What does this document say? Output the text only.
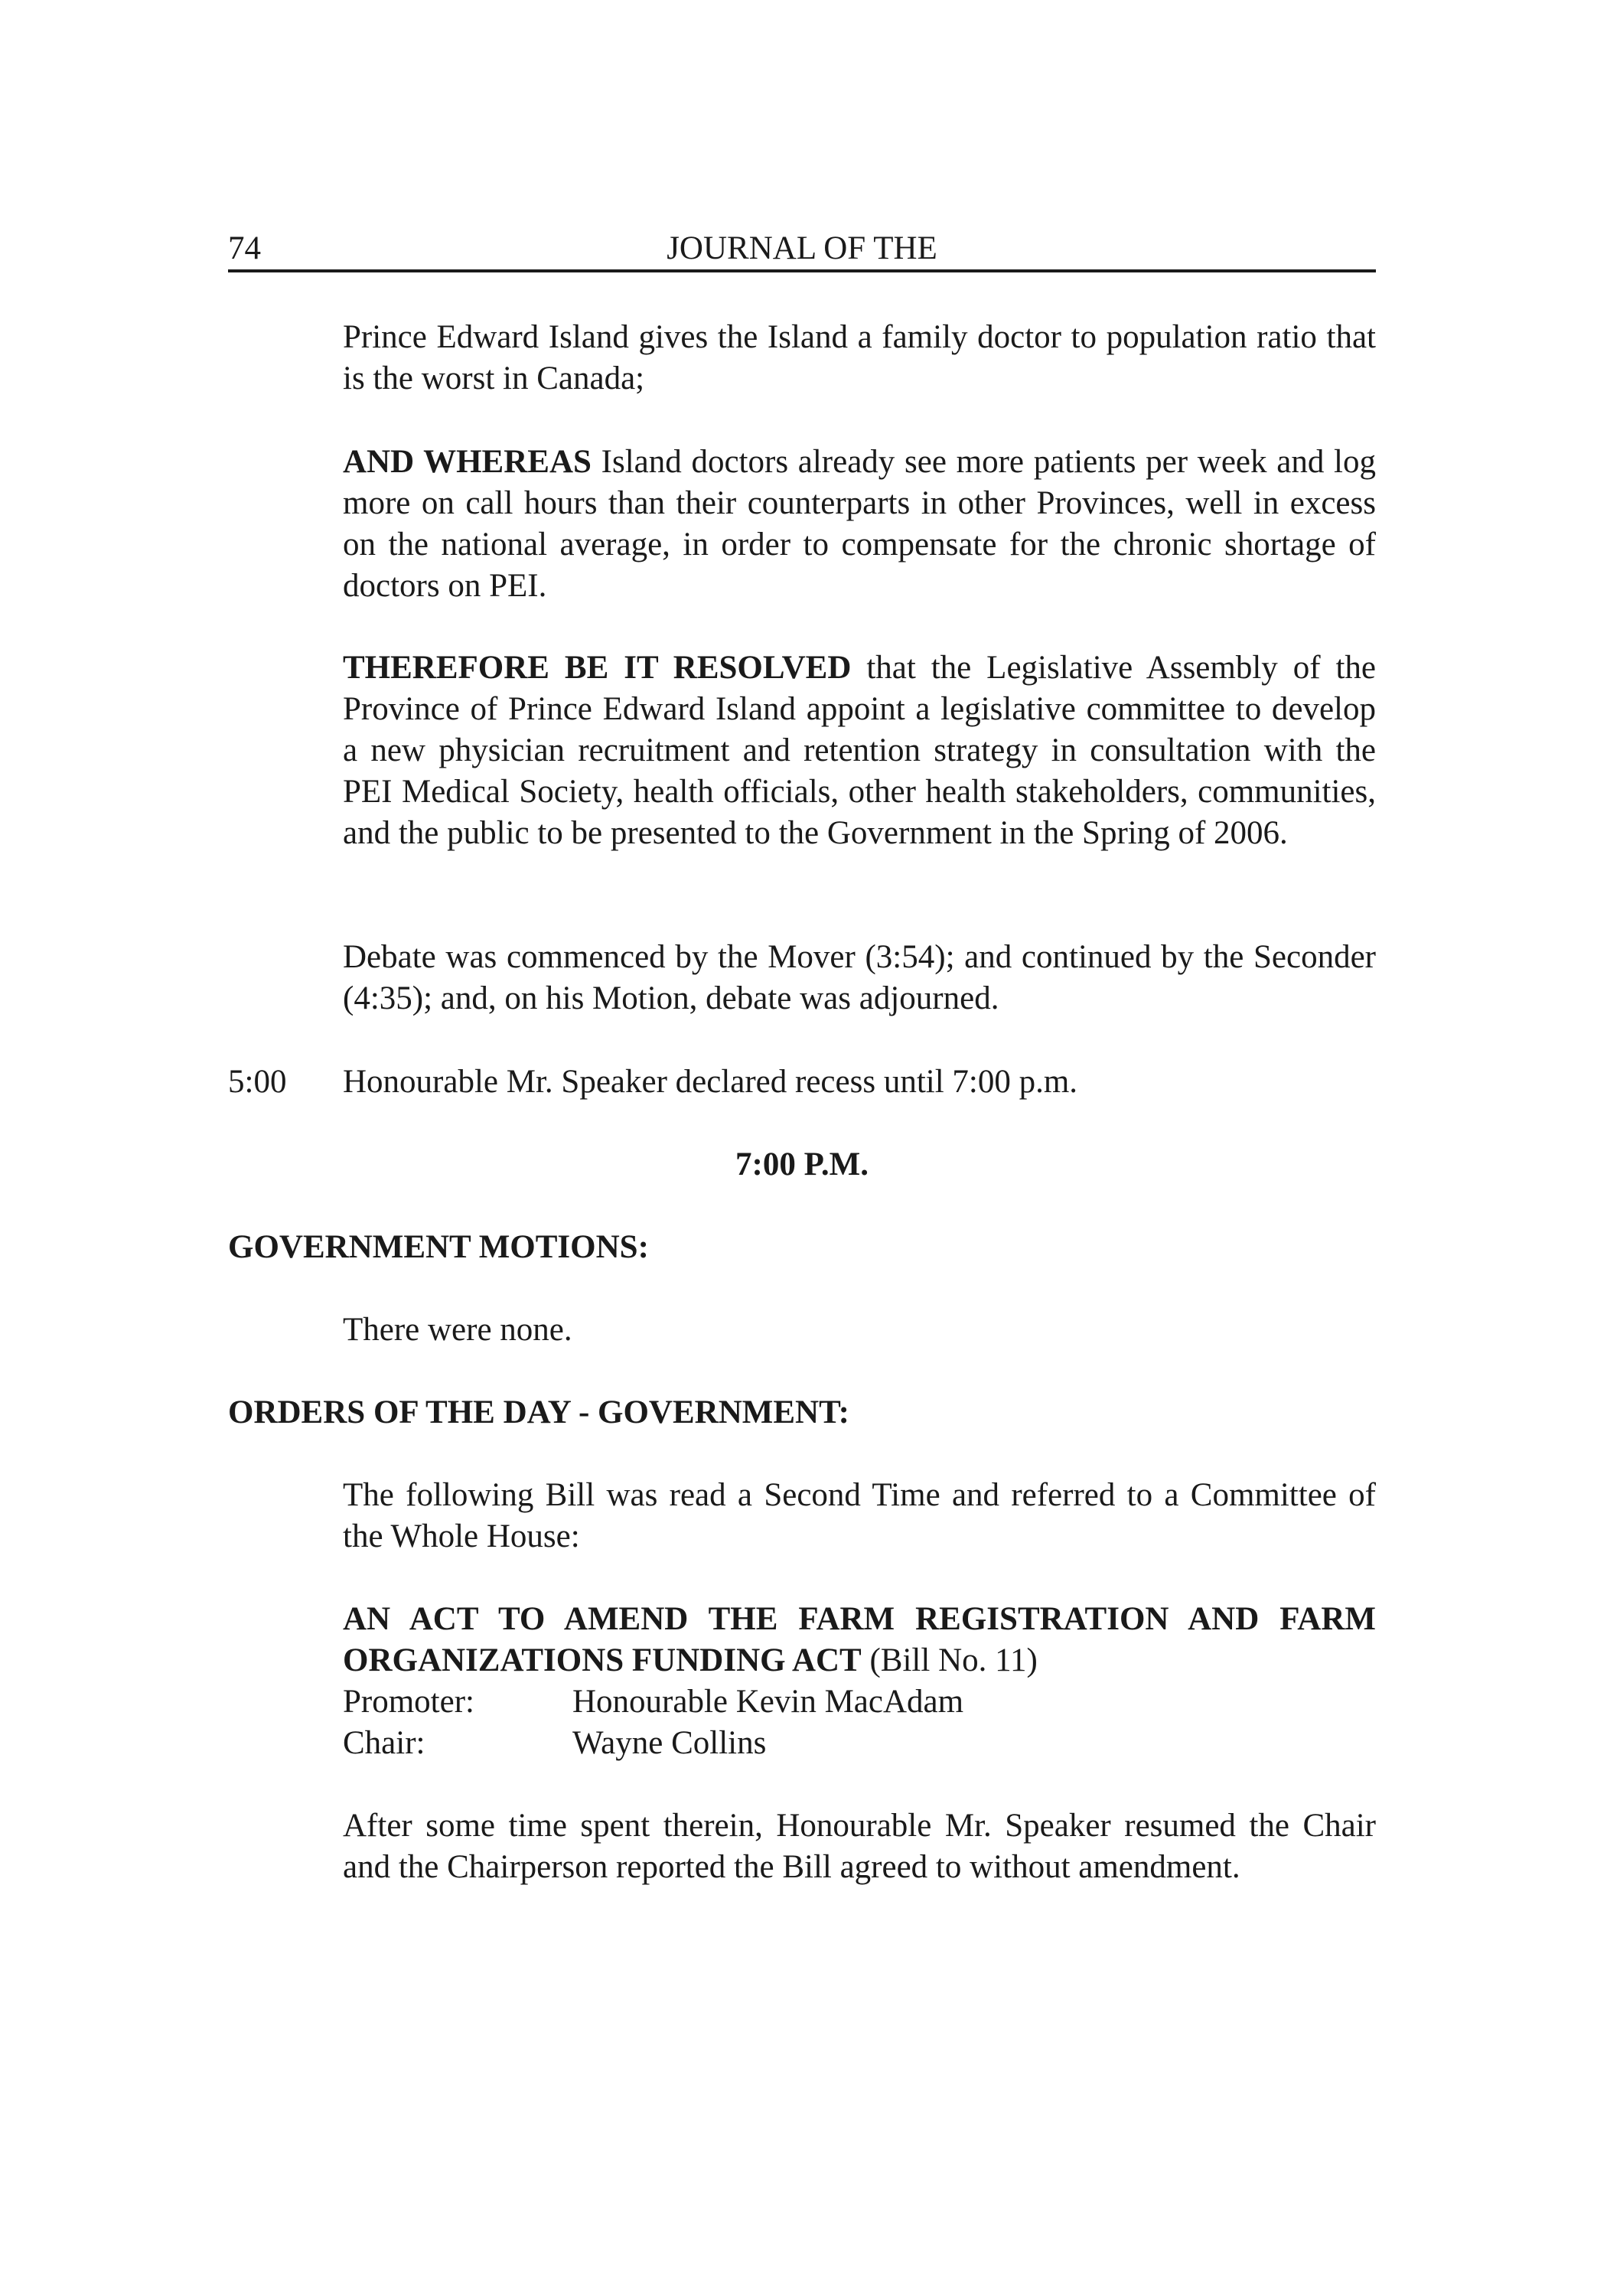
74	JOURNAL OF THE

Prince Edward Island gives the Island a family doctor to population ratio that is the worst in Canada;

AND WHEREAS Island doctors already see more patients per week and log more on call hours than their counterparts in other Provinces, well in excess on the national average, in order to compensate for the chronic shortage of doctors on PEI.

THEREFORE BE IT RESOLVED that the Legislative Assembly of the Province of Prince Edward Island appoint a legislative committee to develop a new physician recruitment and retention strategy in consultation with the PEI Medical Society, health officials, other health stakeholders, communities, and the public to be presented to the Government in the Spring of 2006.

Debate was commenced by the Mover (3:54); and continued by the Seconder (4:35); and, on his Motion, debate was adjourned.

5:00 Honourable Mr. Speaker declared recess until 7:00 p.m.

7:00 P.M.
GOVERNMENT MOTIONS:

There were none.

ORDERS OF THE DAY - GOVERNMENT:

The following Bill was read a Second Time and referred to a Committee of the Whole House:

AN ACT TO AMEND THE FARM REGISTRATION AND FARM ORGANIZATIONS FUNDING ACT (Bill No. 11)

Promoter:	Honourable Kevin MacAdam
Chair:	Wayne Collins

After some time spent therein, Honourable Mr. Speaker resumed the Chair and the Chairperson reported the Bill agreed to without amendment.
